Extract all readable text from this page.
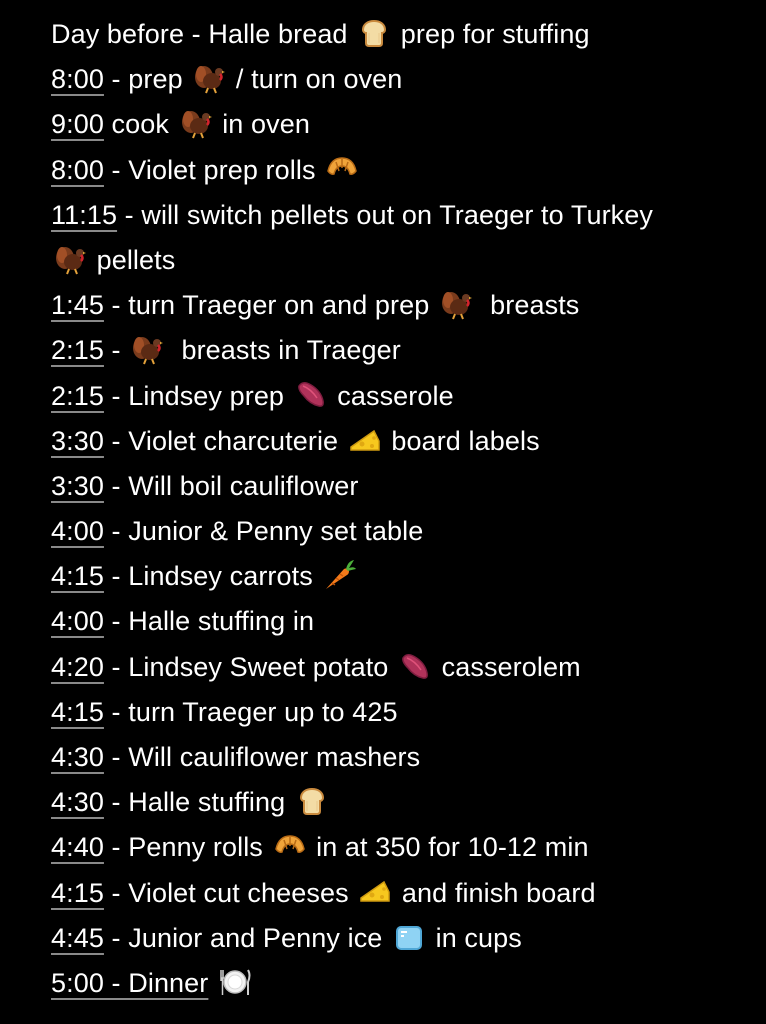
Day before - Halle bread
prep for stuffing
8:00 - prep
/ turn on oven
9:00 cook
in oven
8:00 - Violet prep rolls
11:15 - will switch pellets out on Traeger to Turkey
pellets
1:45 - turn Traeger on and prep
breasts
2:15 -
breasts in Traeger
2:15 - Lindsey prep
casserole
3:30 - Violet charcuterie
board labels
3:30 - Will boil cauliflower
4:00 - Junior & Penny set table
4:15 - Lindsey carrots
4:00 - Halle stuffing in
4:20 - Lindsey Sweet potato
casserolem
4:15 - turn Traeger up to 425
4:30 - Will cauliflower mashers
4:30 - Halle stuffing
4:40 - Penny rolls
in at 350 for 10-12 min
4:15 - Violet cut cheeses
and finish board
4:45 - Junior and Penny ice
in cups
5:00 - Dinner
